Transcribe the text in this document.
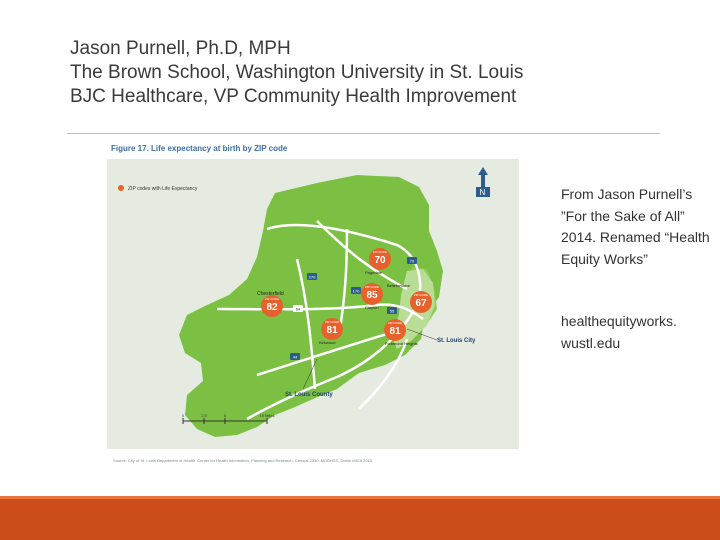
Jason Purnell, Ph.D, MPH
The Brown School, Washington University in St. Louis
BJC Healthcare, VP Community Health Improvement
Figure 17. Life expectancy at birth by ZIP code
ZIP codes with Life Expectancy	N
ZIP CODE
70
ZIP CODE
85	ZIP CODE
67
ZIP CODE
82
ZIP CODE
81
ZIP CODE
81
Chesterfield
Pagedale
Bellefontaine
Clayton
Kirkwood	Richmond Heights	St. Louis City
St. Louis County
270
170
70
64
44
55
0	2.5	5	10 Miles
Source: City of St. Louis Department of Health, Center for Health Information, Planning and Research; Census 2010; MODHSS, Death MICA 2013

From Jason Purnell’s ”For the Sake of All” 2014. Renamed “Health Equity Works”

healthequityworks. wustl.edu
